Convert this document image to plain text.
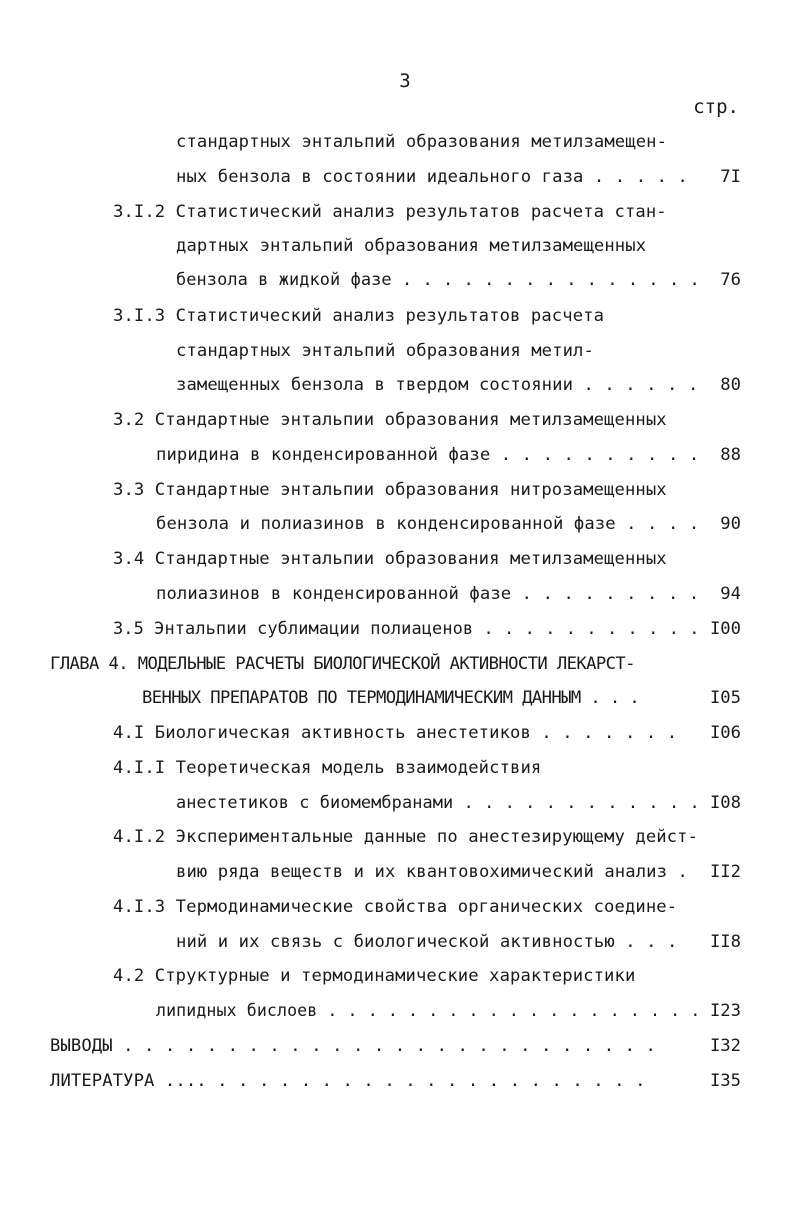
3
стр.
стандартных энтальпий образования метилзамещен-
ных бензола в состоянии идеального газа . . . . . 7I
3.I.2 Статистический анализ результатов расчета стан-
дартных энтальпий образования метилзамещенных
бензола в жидкой фазе . . . . . . . . . . . . . . . 76
3.I.3 Статистический анализ результатов расчета
стандартных энтальпий образования метил-
замещенных бензола в твердом состоянии . . . . . . 80
3.2 Стандартные энтальпии образования метилзамещенных
пиридина в конденсированной фазе . . . . . . . . . . 88
3.3 Стандартные энтальпии образования нитрозамещенных
бензола и полиазинов в конденсированной фазе . . . . 90
3.4 Стандартные энтальпии образования метилзамещенных
полиазинов в конденсированной фазе . . . . . . . . . 94
3.5 Энтальпии сублимации полиаценов . . . . . . . . . . . I00
ГЛАВА 4. МОДЕЛЬНЫЕ РАСЧЕТЫ БИОЛОГИЧЕСКОЙ АКТИВНОСТИ ЛЕКАРСТ-
ВЕННЫХ ПРЕПАРАТОВ ПО ТЕРМОДИНАМИЧЕСКИМ ДАННЫМ . . .	I05
4.I Биологическая активность анестетиков . . . . . . . I06
4.I.I Теоретическая модель взаимодействия
анестетиков с биомембранами . . . . . . . . . . . . I08
4.I.2 Экспериментальные данные по анестезирующему дейст-
вию ряда веществ и их квантовохимический анализ . II2
4.I.3 Термодинамические свойства органических соедине-
ний и их связь с биологической активностью . . . II8
4.2 Структурные и термодинамические характеристики
липидных бислоев . . . . . . . . . . . . . . . . . . . I23
ВЫВОДЫ . . . . . . . . . . . . . . . . . . . . . . . . . .	I32
ЛИТЕРАТУРА .... . . . . . . . . . . . . . . . . . . . . .	I35
